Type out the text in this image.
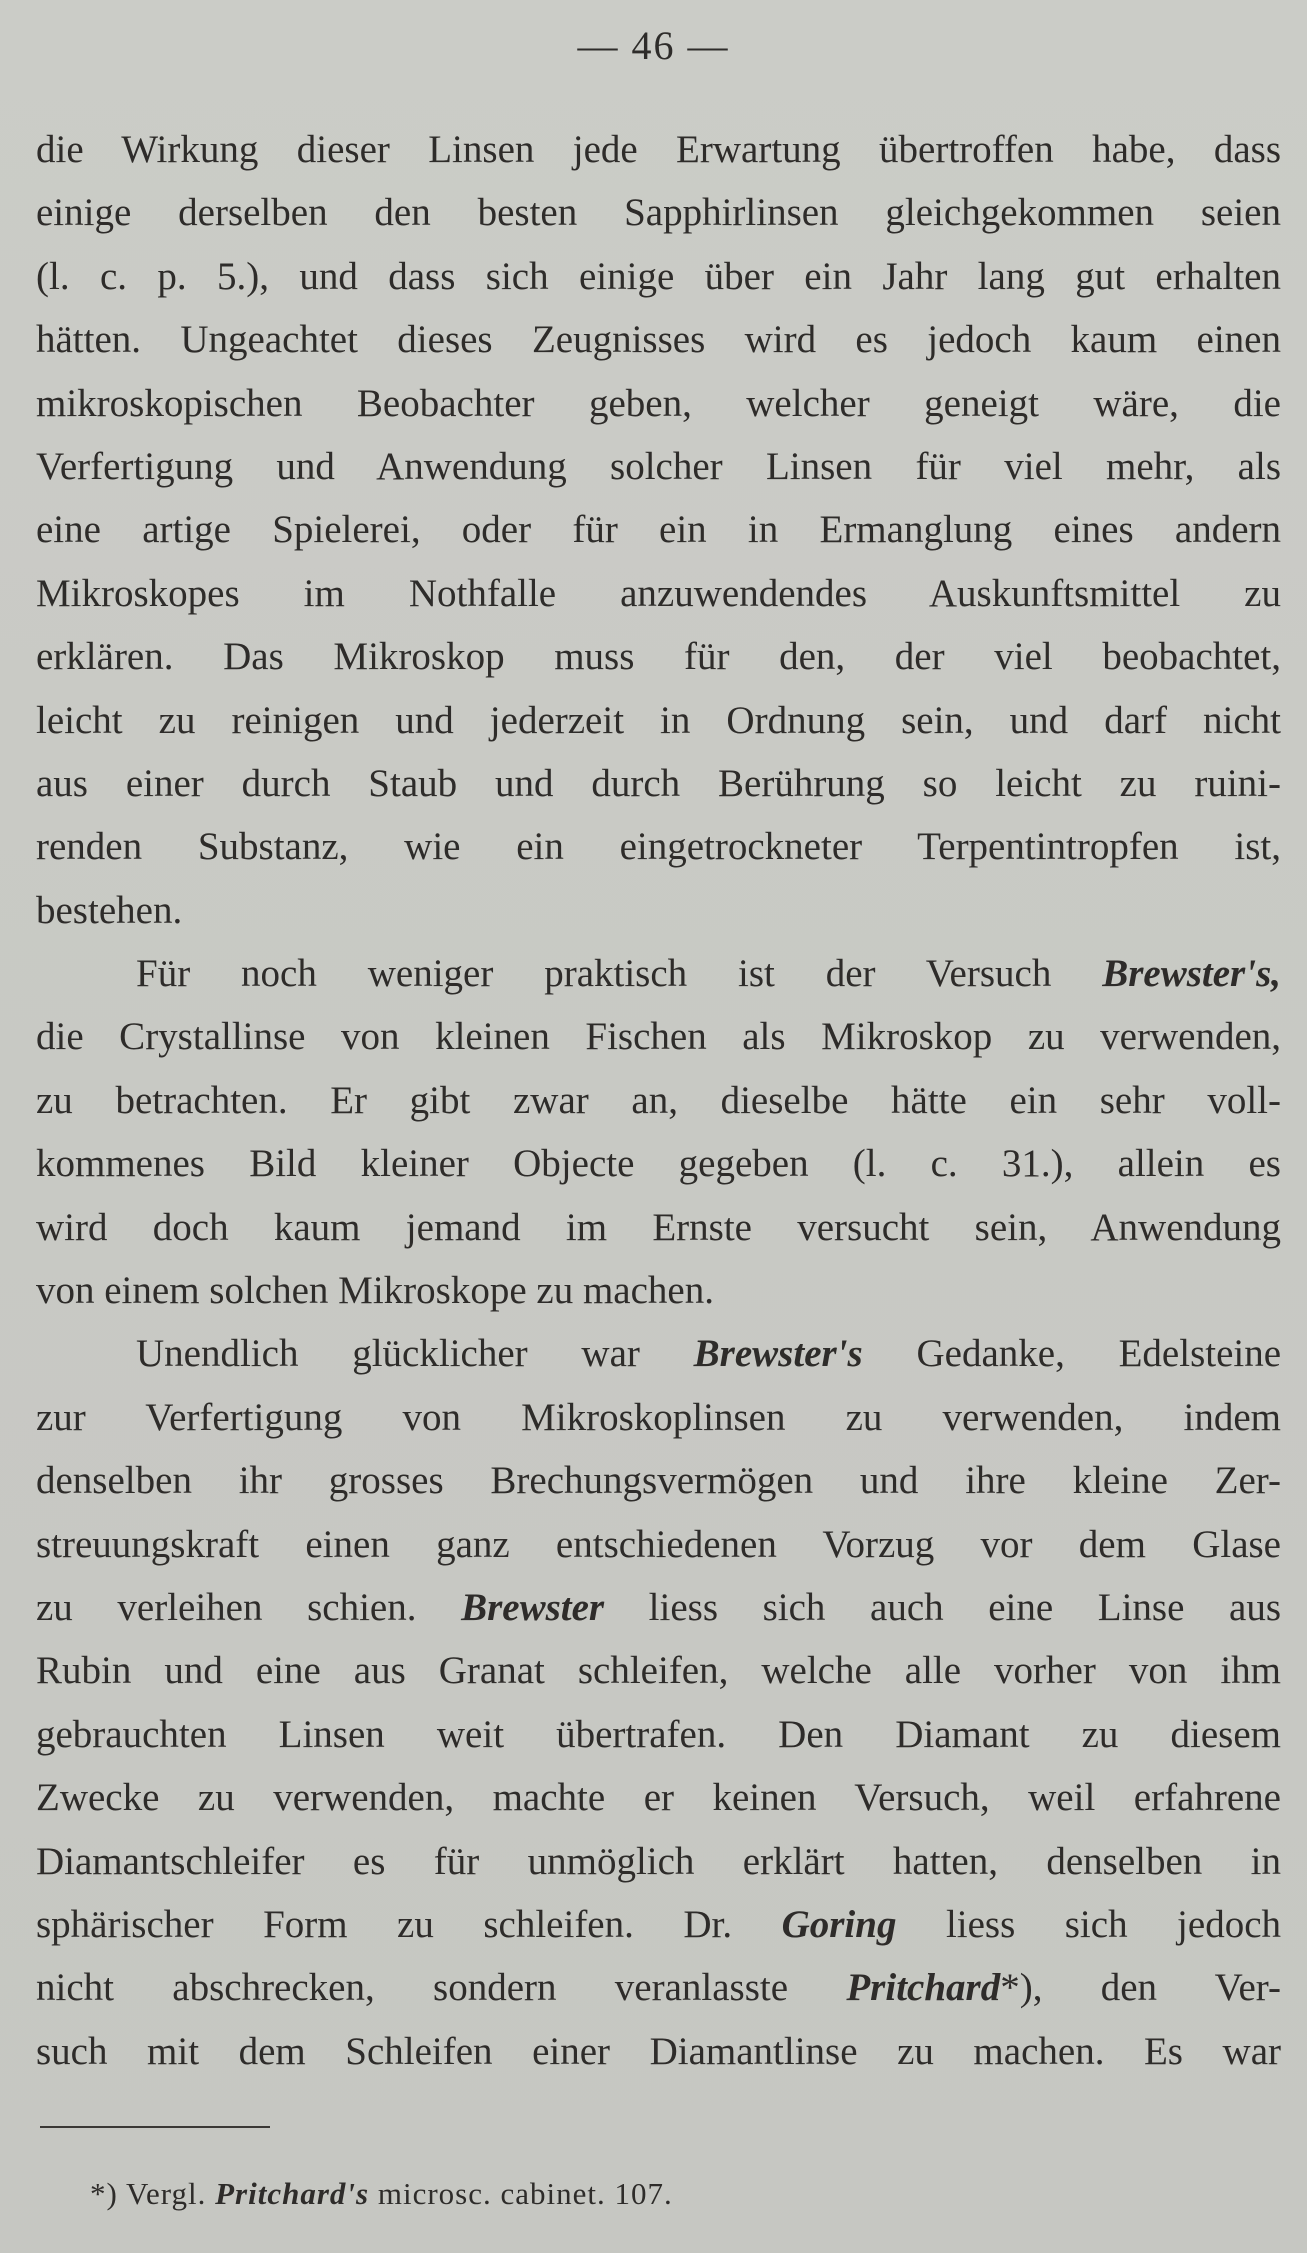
— 46 —
die Wirkung dieser Linsen jede Erwartung übertroffen habe, dass
einige derselben den besten Sapphirlinsen gleichgekommen seien
(l. c. p. 5.), und dass sich einige über ein Jahr lang gut erhalten
hätten. Ungeachtet dieses Zeugnisses wird es jedoch kaum einen
mikroskopischen Beobachter geben, welcher geneigt wäre, die
Verfertigung und Anwendung solcher Linsen für viel mehr, als
eine artige Spielerei, oder für ein in Ermanglung eines andern
Mikroskopes im Nothfalle anzuwendendes Auskunftsmittel zu
erklären. Das Mikroskop muss für den, der viel beobachtet,
leicht zu reinigen und jederzeit in Ordnung sein, und darf nicht
aus einer durch Staub und durch Berührung so leicht zu ruini-
renden Substanz, wie ein eingetrockneter Terpentintropfen ist,
bestehen.
Für noch weniger praktisch ist der Versuch Brewster's,
die Crystallinse von kleinen Fischen als Mikroskop zu verwenden,
zu betrachten. Er gibt zwar an, dieselbe hätte ein sehr voll-
kommenes Bild kleiner Objecte gegeben (l. c. 31.), allein es
wird doch kaum jemand im Ernste versucht sein, Anwendung
von einem solchen Mikroskope zu machen.
Unendlich glücklicher war Brewster's Gedanke, Edelsteine
zur Verfertigung von Mikroskoplinsen zu verwenden, indem
denselben ihr grosses Brechungsvermögen und ihre kleine Zer-
streuungskraft einen ganz entschiedenen Vorzug vor dem Glase
zu verleihen schien. Brewster liess sich auch eine Linse aus
Rubin und eine aus Granat schleifen, welche alle vorher von ihm
gebrauchten Linsen weit übertrafen. Den Diamant zu diesem
Zwecke zu verwenden, machte er keinen Versuch, weil erfahrene
Diamantschleifer es für unmöglich erklärt hatten, denselben in
sphärischer Form zu schleifen. Dr. Goring liess sich jedoch
nicht abschrecken, sondern veranlasste Pritchard*), den Ver-
such mit dem Schleifen einer Diamantlinse zu machen. Es war
*) Vergl. Pritchard's microsc. cabinet. 107.
